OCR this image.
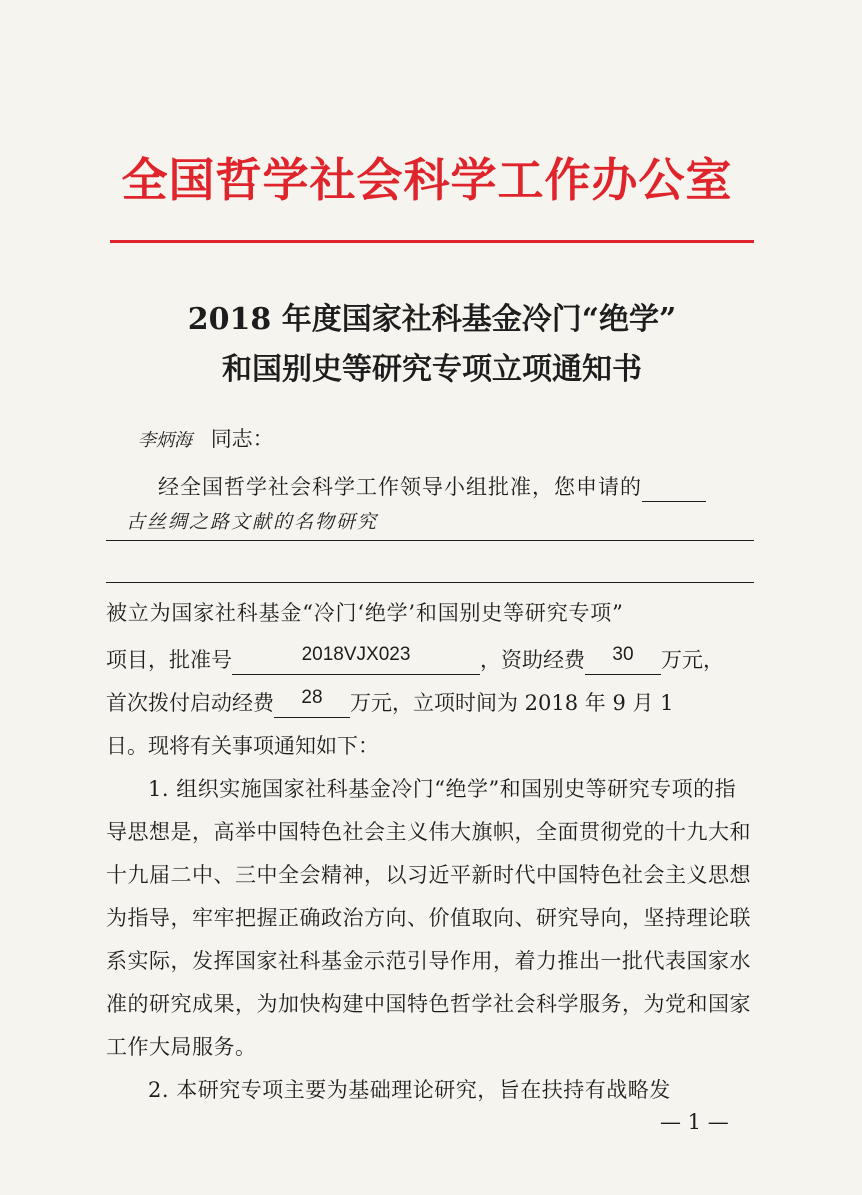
全国哲学社会科学工作办公室
2018 年度国家社科基金冷门“绝学”
和国别史等研究专项立项通知书
李炳海 同志：
经全国哲学社会科学工作领导小组批准，您申请的
古丝绸之路文献的名物研究
被立为国家社科基金“冷门‘绝学’和国别史等研究专项”
项目，批准号	2018VJX023	，资助经费	30	万元，
首次拨付启动经费	28	万元，立项时间为 2018 年 9 月 1
日。现将有关事项通知如下：
1. 组织实施国家社科基金冷门“绝学”和国别史等研究专项的指导思想是，高举中国特色社会主义伟大旗帜，全面贯彻党的十九大和十九届二中、三中全会精神，以习近平新时代中国特色社会主义思想为指导，牢牢把握正确政治方向、价值取向、研究导向，坚持理论联系实际，发挥国家社科基金示范引导作用，着力推出一批代表国家水准的研究成果，为加快构建中国特色哲学社会科学服务，为党和国家工作大局服务。
2. 本研究专项主要为基础理论研究，旨在扶持有战略发
— 1 —
